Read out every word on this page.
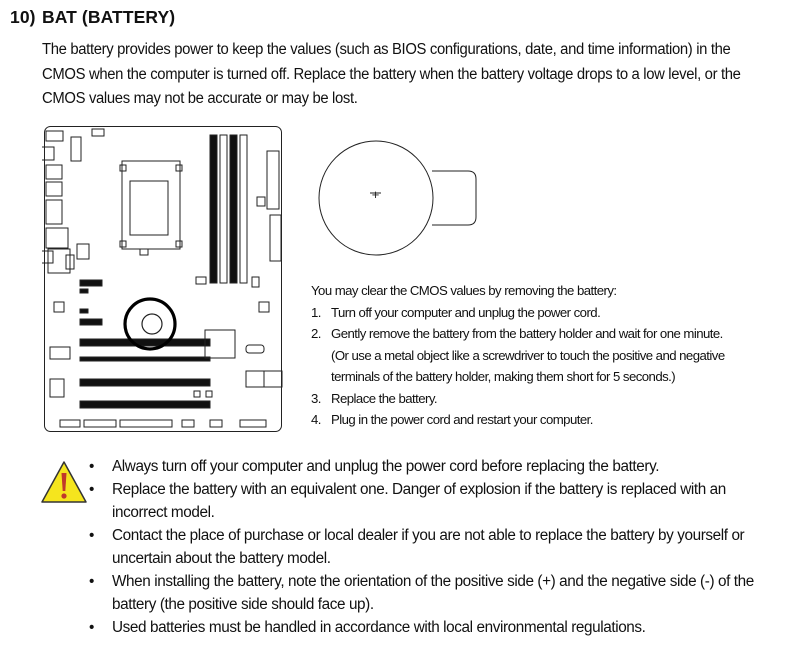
10) BAT (BATTERY)
The battery provides power to keep the values (such as BIOS configurations, date, and time information) in the CMOS when the computer is turned off. Replace the battery when the battery voltage drops to a low level, or the CMOS values may not be accurate or may be lost.
+
You may clear the CMOS values by removing the battery:
1. Turn off your computer and unplug the power cord.
2. Gently remove the battery from the battery holder and wait for one minute.
(Or use a metal object like a screwdriver to touch the positive and negative
terminals of the battery holder, making them short for 5 seconds.)
3. Replace the battery.
4. Plug in the power cord and restart your computer.
•	Always turn off your computer and unplug the power cord before replacing the battery.
•	Replace the battery with an equivalent one. Danger of explosion if the battery is replaced with an incorrect model.
•	Contact the place of purchase or local dealer if you are not able to replace the battery by yourself or uncertain about the battery model.
•	When installing the battery, note the orientation of the positive side (+) and the negative side (-) of the battery (the positive side should face up).
•	Used batteries must be handled in accordance with local environmental regulations.
